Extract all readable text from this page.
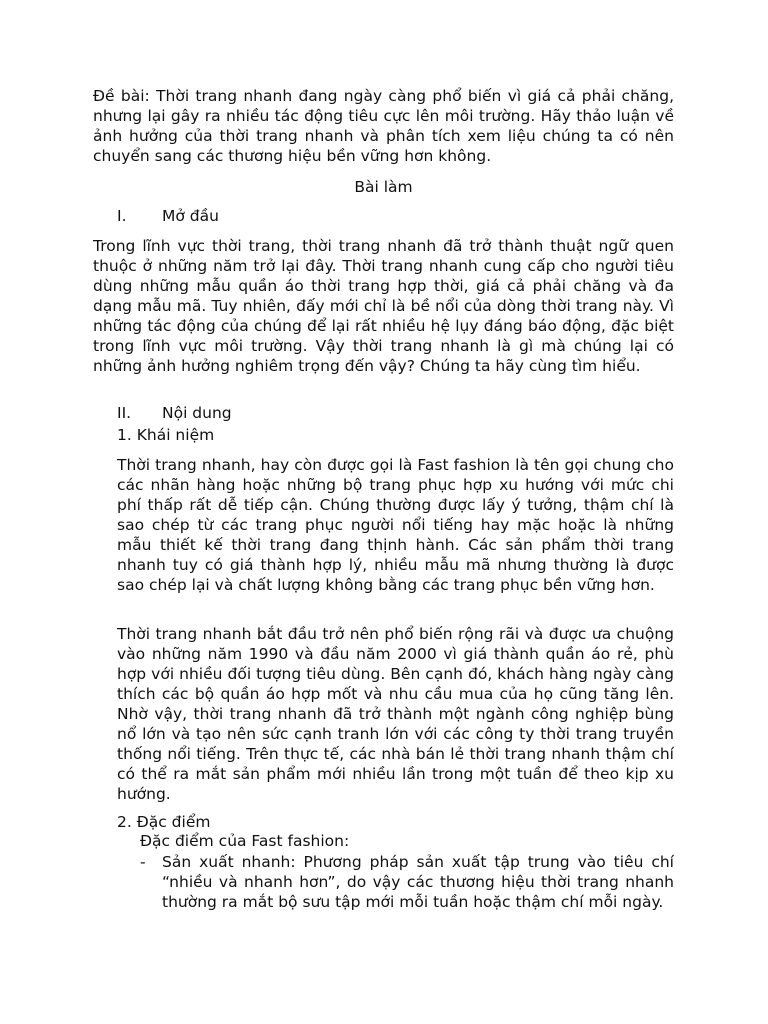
Đề bài: Thời trang nhanh đang ngày càng phổ biến vì giá cả phải chăng, nhưng lại gây ra nhiều tác động tiêu cực lên môi trường. Hãy thảo luận về ảnh hưởng của thời trang nhanh và phân tích xem liệu chúng ta có nên chuyển sang các thương hiệu bền vững hơn không.

Bài làm

I. Mở đầu

Trong lĩnh vực thời trang, thời trang nhanh đã trở thành thuật ngữ quen thuộc ở những năm trở lại đây. Thời trang nhanh cung cấp cho người tiêu dùng những mẫu quần áo thời trang hợp thời, giá cả phải chăng và đa dạng mẫu mã. Tuy nhiên, đấy mới chỉ là bề nổi của dòng thời trang này. Vì những tác động của chúng để lại rất nhiều hệ lụy đáng báo động, đặc biệt trong lĩnh vực môi trường. Vậy thời trang nhanh là gì mà chúng lại có những ảnh hưởng nghiêm trọng đến vậy? Chúng ta hãy cùng tìm hiểu.

II. Nội dung
1. Khái niệm

Thời trang nhanh, hay còn được gọi là Fast fashion là tên gọi chung cho các nhãn hàng hoặc những bộ trang phục hợp xu hướng với mức chi phí thấp rất dễ tiếp cận. Chúng thường được lấy ý tưởng, thậm chí là sao chép từ các trang phục người nổi tiếng hay mặc hoặc là những mẫu thiết kế thời trang đang thịnh hành. Các sản phẩm thời trang nhanh tuy có giá thành hợp lý, nhiều mẫu mã nhưng thường là được sao chép lại và chất lượng không bằng các trang phục bền vững hơn.

Thời trang nhanh bắt đầu trở nên phổ biến rộng rãi và được ưa chuộng vào những năm 1990 và đầu năm 2000 vì giá thành quần áo rẻ, phù hợp với nhiều đối tượng tiêu dùng. Bên cạnh đó, khách hàng ngày càng thích các bộ quần áo hợp mốt và nhu cầu mua của họ cũng tăng lên. Nhờ vậy, thời trang nhanh đã trở thành một ngành công nghiệp bùng nổ lớn và tạo nên sức cạnh tranh lớn với các công ty thời trang truyền thống nổi tiếng. Trên thực tế, các nhà bán lẻ thời trang nhanh thậm chí có thể ra mắt sản phẩm mới nhiều lần trong một tuần để theo kịp xu hướng.

2. Đặc điểm
Đặc điểm của Fast fashion:
- Sản xuất nhanh: Phương pháp sản xuất tập trung vào tiêu chí “nhiều và nhanh hơn”, do vậy các thương hiệu thời trang nhanh thường ra mắt bộ sưu tập mới mỗi tuần hoặc thậm chí mỗi ngày.
